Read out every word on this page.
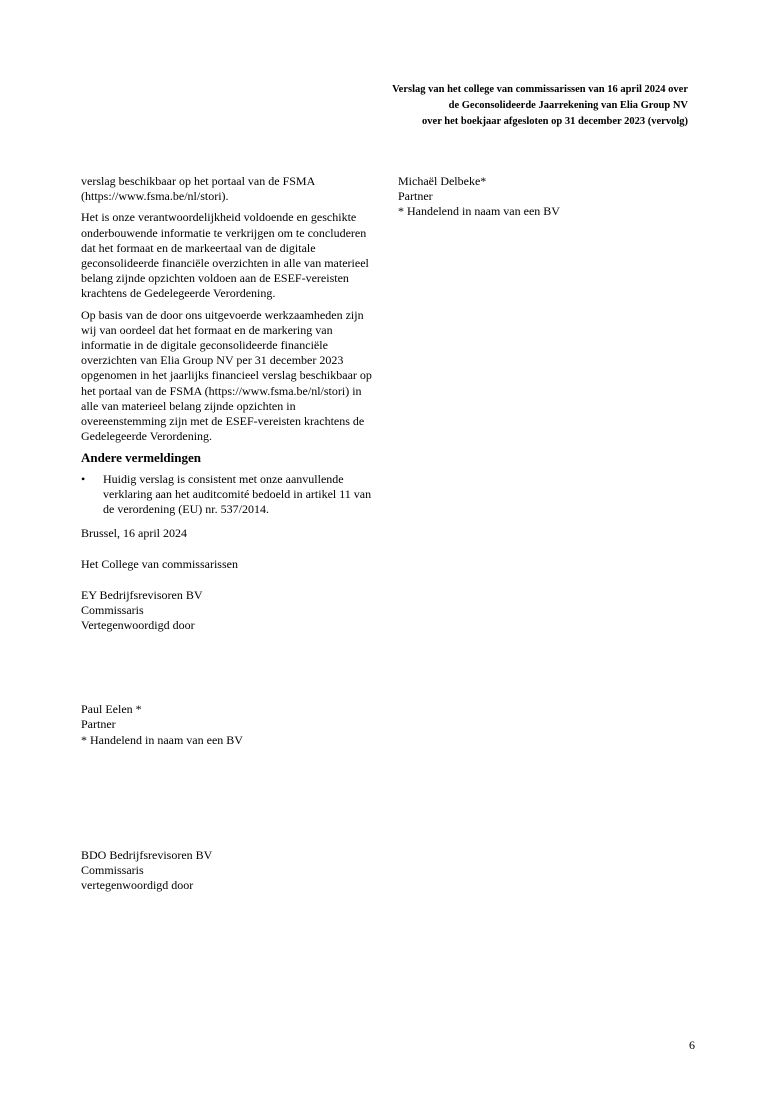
Verslag van het college van commissarissen van 16 april 2024 over
de Geconsolideerde Jaarrekening van Elia Group NV
over het boekjaar afgesloten op 31 december 2023 (vervolg)

verslag beschikbaar op het portaal van de FSMA (https://www.fsma.be/nl/stori).

Het is onze verantwoordelijkheid voldoende en geschikte onderbouwende informatie te verkrijgen om te concluderen dat het formaat en de markeertaal van de digitale geconsolideerde financiële overzichten in alle van materieel belang zijnde opzichten voldoen aan de ESEF-vereisten krachtens de Gedelegeerde Verordening.

Op basis van de door ons uitgevoerde werkzaamheden zijn wij van oordeel dat het formaat en de markering van informatie in de digitale geconsolideerde financiële overzichten van Elia Group NV per 31 december 2023 opgenomen in het jaarlijks financieel verslag beschikbaar op het portaal van de FSMA (https://www.fsma.be/nl/stori) in alle van materieel belang zijnde opzichten in overeenstemming zijn met de ESEF-vereisten krachtens de Gedelegeerde Verordening.

Andere vermeldingen
•	Huidig verslag is consistent met onze aanvullende verklaring aan het auditcomité bedoeld in artikel 11 van de verordening (EU) nr. 537/2014.

Brussel, 16 april 2024

Het College van commissarissen

EY Bedrijfsrevisoren BV
Commissaris
Vertegenwoordigd door
Paul Eelen *
Partner
* Handelend in naam van een BV
BDO Bedrijfsrevisoren BV
Commissaris
vertegenwoordigd door
Michaël Delbeke*
Partner
* Handelend in naam van een BV
6
